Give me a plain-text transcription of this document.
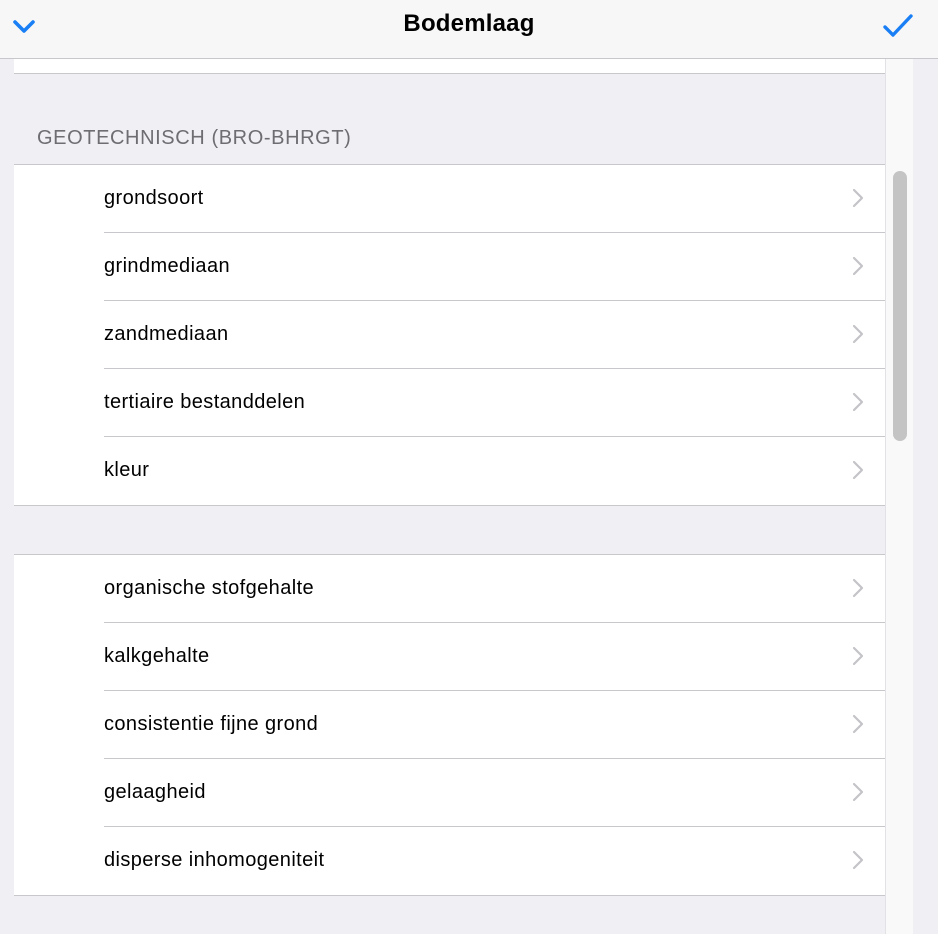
Bodemlaag
GEOTECHNISCH (BRO-BHRGT)
grondsoort
grindmediaan
zandmediaan
tertiaire bestanddelen
kleur
organische stofgehalte
kalkgehalte
consistentie fijne grond
gelaagheid
disperse inhomogeniteit
